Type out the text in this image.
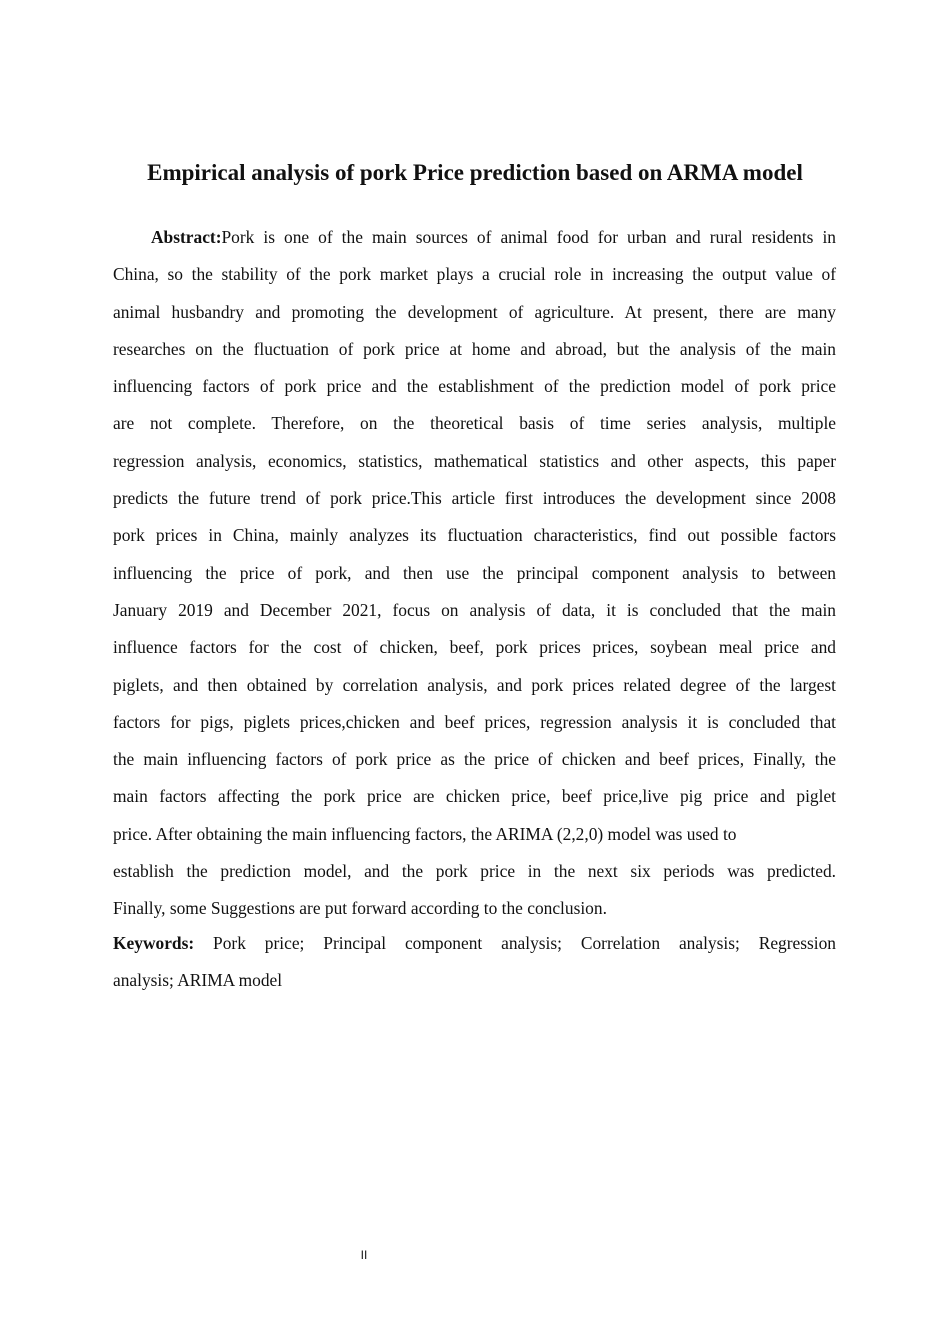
Empirical analysis of pork Price prediction based on ARMA model
Abstract:Pork is one of the main sources of animal food for urban and rural residents in
China, so the stability of the pork market plays a crucial role in increasing the output value of
animal husbandry and promoting the development of agriculture. At present, there are many
researches on the fluctuation of pork price at home and abroad, but the analysis of the main
influencing factors of pork price and the establishment of the prediction model of pork price
are not complete. Therefore, on the theoretical basis of time series analysis, multiple
regression analysis, economics, statistics, mathematical statistics and other aspects, this paper
predicts the future trend of pork price.This article first introduces the development since 2008
pork prices in China, mainly analyzes its fluctuation characteristics, find out possible factors
influencing the price of pork, and then use the principal component analysis to between
January 2019 and December 2021, focus on analysis of data, it is concluded that the main
influence factors for the cost of chicken, beef, pork prices prices, soybean meal price and
piglets, and then obtained by correlation analysis, and pork prices related degree of the largest
factors for pigs, piglets prices,chicken and beef prices, regression analysis it is concluded that
the main influencing factors of pork price as the price of chicken and beef prices, Finally, the
main factors affecting the pork price are chicken price, beef price,live pig price and piglet
price. After obtaining the main influencing factors, the ARIMA (2,2,0) model was used to
establish the prediction model, and the pork price in the next six periods was predicted.
Finally, some Suggestions are put forward according to the conclusion.
Keywords: Pork price; Principal component analysis; Correlation analysis; Regression
analysis; ARIMA model
II
